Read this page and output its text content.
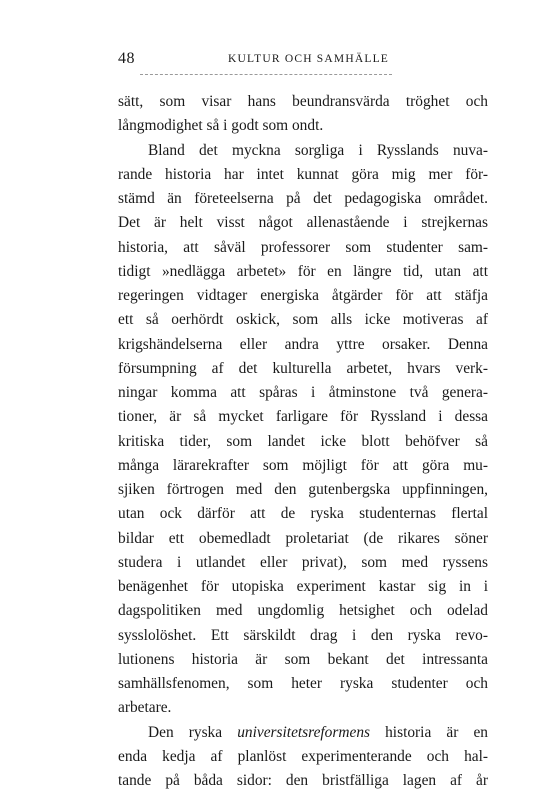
48	KULTUR OCH SAMHÄLLE
sätt, som visar hans beundransvärda tröghet och
långmodighet så i godt som ondt.
Bland det myckna sorgliga i Rysslands nuva-
rande historia har intet kunnat göra mig mer för-
stämd än företeelserna på det pedagogiska området.
Det är helt visst något allenastående i strejkernas
historia, att såväl professorer som studenter sam-
tidigt »nedlägga arbetet» för en längre tid, utan att
regeringen vidtager energiska åtgärder för att stäfja
ett så oerhördt oskick, som alls icke motiveras af
krigshändelserna eller andra yttre orsaker. Denna
försumpning af det kulturella arbetet, hvars verk-
ningar komma att spåras i åtminstone två genera-
tioner, är så mycket farligare för Ryssland i dessa
kritiska tider, som landet icke blott behöfver så
många lärarekrafter som möjligt för att göra mu-
sjiken förtrogen med den gutenbergska uppfinningen,
utan ock därför att de ryska studenternas flertal
bildar ett obemedladt proletariat (de rikares söner
studera i utlandet eller privat), som med ryssens
benägenhet för utopiska experiment kastar sig in i
dagspolitiken med ungdomlig hetsighet och odelad
sysslolöshet. Ett särskildt drag i den ryska revo-
lutionens historia är som bekant det intressanta
samhällsfenomen, som heter ryska studenter och
arbetare.
Den ryska universitetsreformens historia är en
enda kedja af planlöst experimenterande och hal-
tande på båda sidor: den bristfälliga lagen af år
